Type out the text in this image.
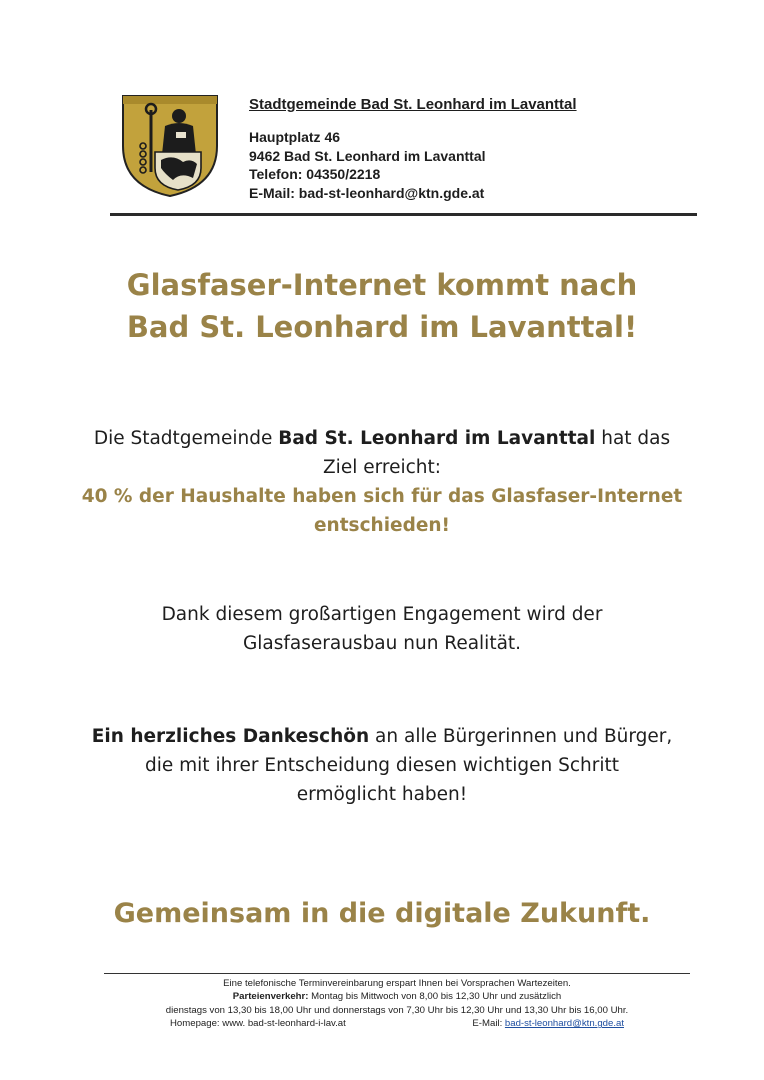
Stadtgemeinde Bad St. Leonhard im Lavanttal
Hauptplatz 46
9462 Bad St. Leonhard im Lavanttal
Telefon: 04350/2218
E-Mail: bad-st-leonhard@ktn.gde.at
Glasfaser-Internet kommt nach
Bad St. Leonhard im Lavanttal!
Die Stadtgemeinde Bad St. Leonhard im Lavanttal hat das
Ziel erreicht:
40 % der Haushalte haben sich für das Glasfaser-Internet
entschieden!
Dank diesem großartigen Engagement wird der
Glasfaserausbau nun Realität.
Ein herzliches Dankeschön an alle Bürgerinnen und Bürger,
die mit ihrer Entscheidung diesen wichtigen Schritt
ermöglicht haben!
Gemeinsam in die digitale Zukunft.
Eine telefonische Terminvereinbarung erspart Ihnen bei Vorsprachen Wartezeiten.
Parteienverkehr: Montag bis Mittwoch von 8,00 bis 12,30 Uhr und zusätzlich
dienstags von 13,30 bis 18,00 Uhr und donnerstags von 7,30 Uhr bis 12,30 Uhr und 13,30 Uhr bis 16,00 Uhr.
Homepage: www. bad-st-leonhard-i-lav.at	E-Mail: bad-st-leonhard@ktn.gde.at
